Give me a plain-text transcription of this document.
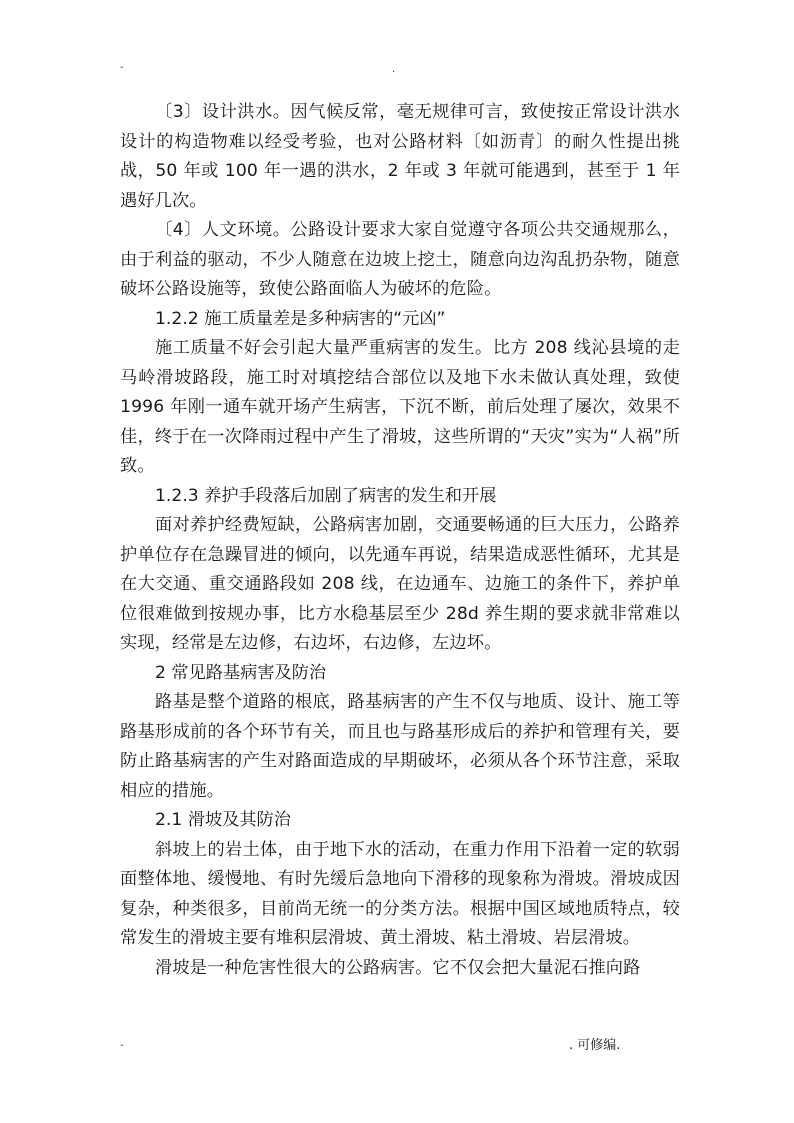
-	.

〔3〕设计洪水。因气候反常，毫无规律可言，致使按正常设计洪水设计的构造物难以经受考验，也对公路材料〔如沥青〕的耐久性提出挑战，50 年或 100 年一遇的洪水，2 年或 3 年就可能遇到，甚至于 1 年遇好几次。

〔4〕人文环境。公路设计要求大家自觉遵守各项公共交通规那么，由于利益的驱动，不少人随意在边坡上挖土，随意向边沟乱扔杂物，随意破坏公路设施等，致使公路面临人为破坏的危险。

1.2.2 施工质量差是多种病害的“元凶”

施工质量不好会引起大量严重病害的发生。比方 208 线沁县境的走马岭滑坡路段，施工时对填挖结合部位以及地下水未做认真处理，致使 1996 年刚一通车就开场产生病害，下沉不断，前后处理了屡次，效果不佳，终于在一次降雨过程中产生了滑坡，这些所谓的“天灾”实为“人祸”所致。

1.2.3 养护手段落后加剧了病害的发生和开展

面对养护经费短缺，公路病害加剧，交通要畅通的巨大压力，公路养护单位存在急躁冒进的倾向，以先通车再说，结果造成恶性循环，尤其是在大交通、重交通路段如 208 线，在边通车、边施工的条件下，养护单位很难做到按规办事，比方水稳基层至少 28d 养生期的要求就非常难以实现，经常是左边修，右边坏，右边修，左边坏。

2 常见路基病害及防治

路基是整个道路的根底，路基病害的产生不仅与地质、设计、施工等路基形成前的各个环节有关，而且也与路基形成后的养护和管理有关，要防止路基病害的产生对路面造成的早期破坏，必须从各个环节注意，采取相应的措施。

2.1 滑坡及其防治

斜坡上的岩土体，由于地下水的活动，在重力作用下沿着一定的软弱面整体地、缓慢地、有时先缓后急地向下滑移的现象称为滑坡。滑坡成因复杂，种类很多，目前尚无统一的分类方法。根据中国区域地质特点，较常发生的滑坡主要有堆积层滑坡、黄土滑坡、粘土滑坡、岩层滑坡。

滑坡是一种危害性很大的公路病害。它不仅会把大量泥石推向路

-	. 可修编.
